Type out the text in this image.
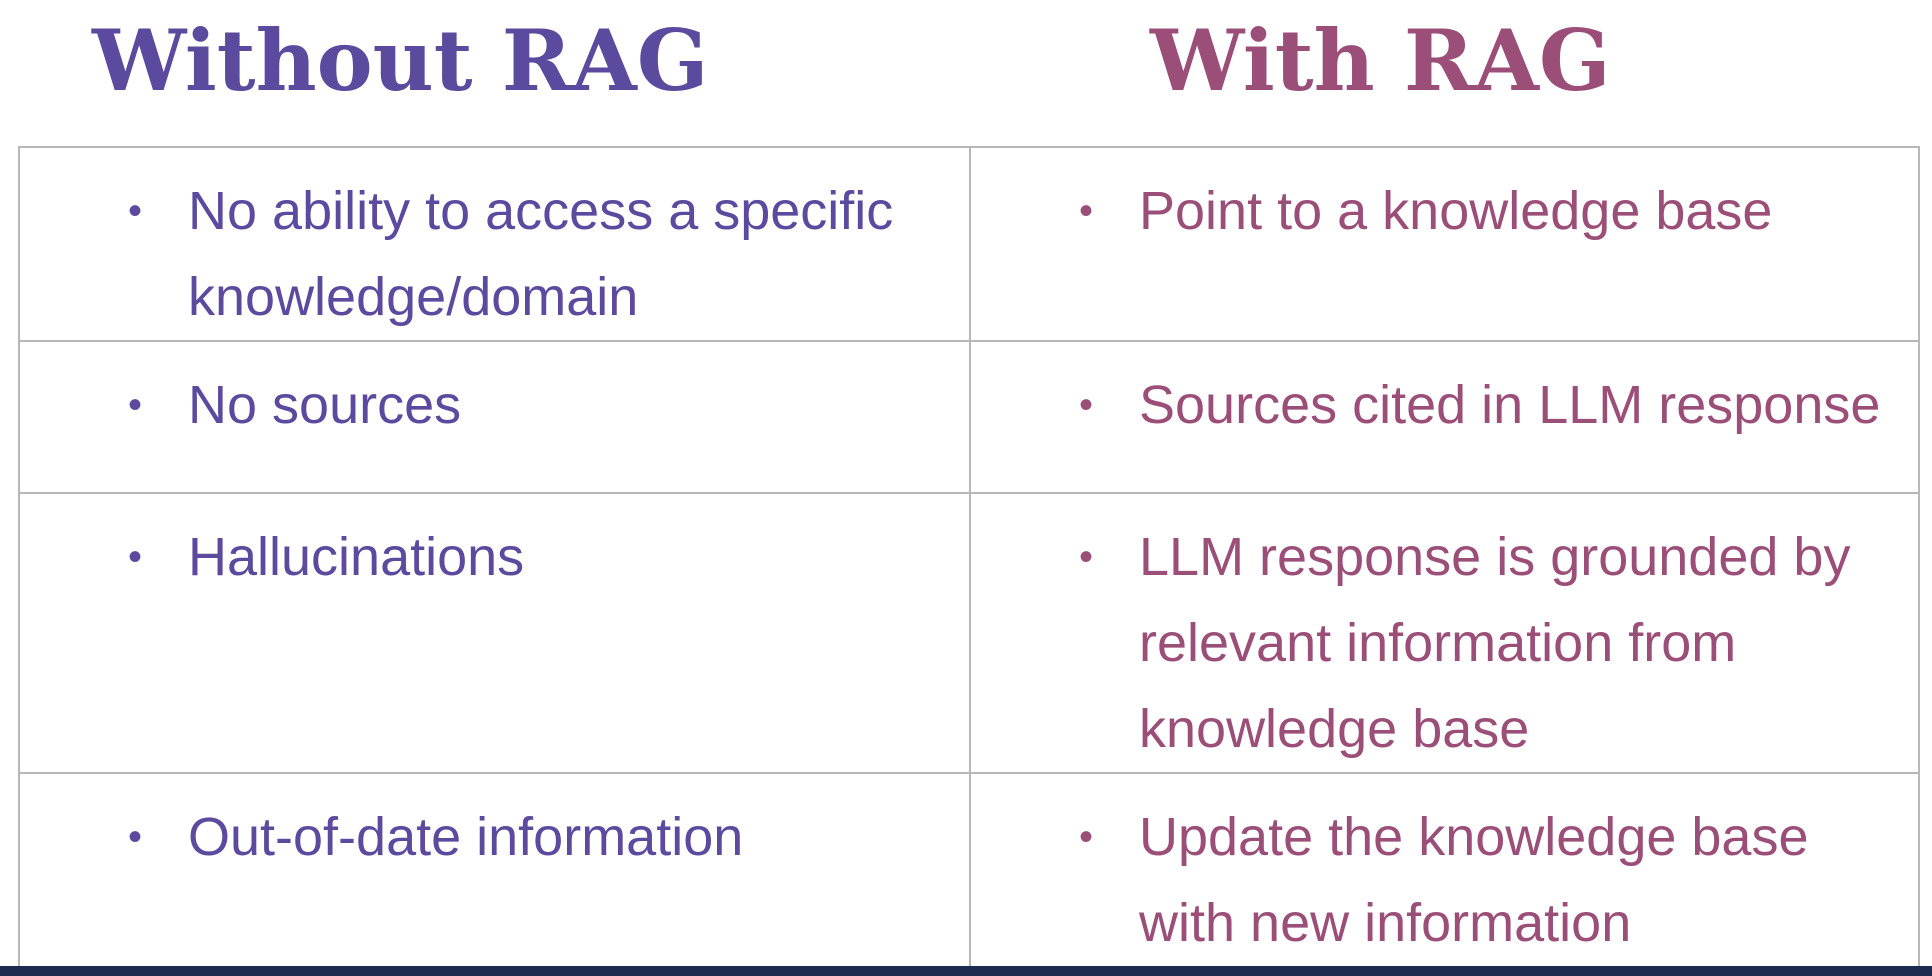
Without RAG	With RAG
• No ability to access a specific knowledge/domain	• Point to a knowledge base

• No sources	• Sources cited in LLM response

• Hallucinations	• LLM response is grounded by relevant information from knowledge base

• Out-of-date information	• Update the knowledge base with new information
